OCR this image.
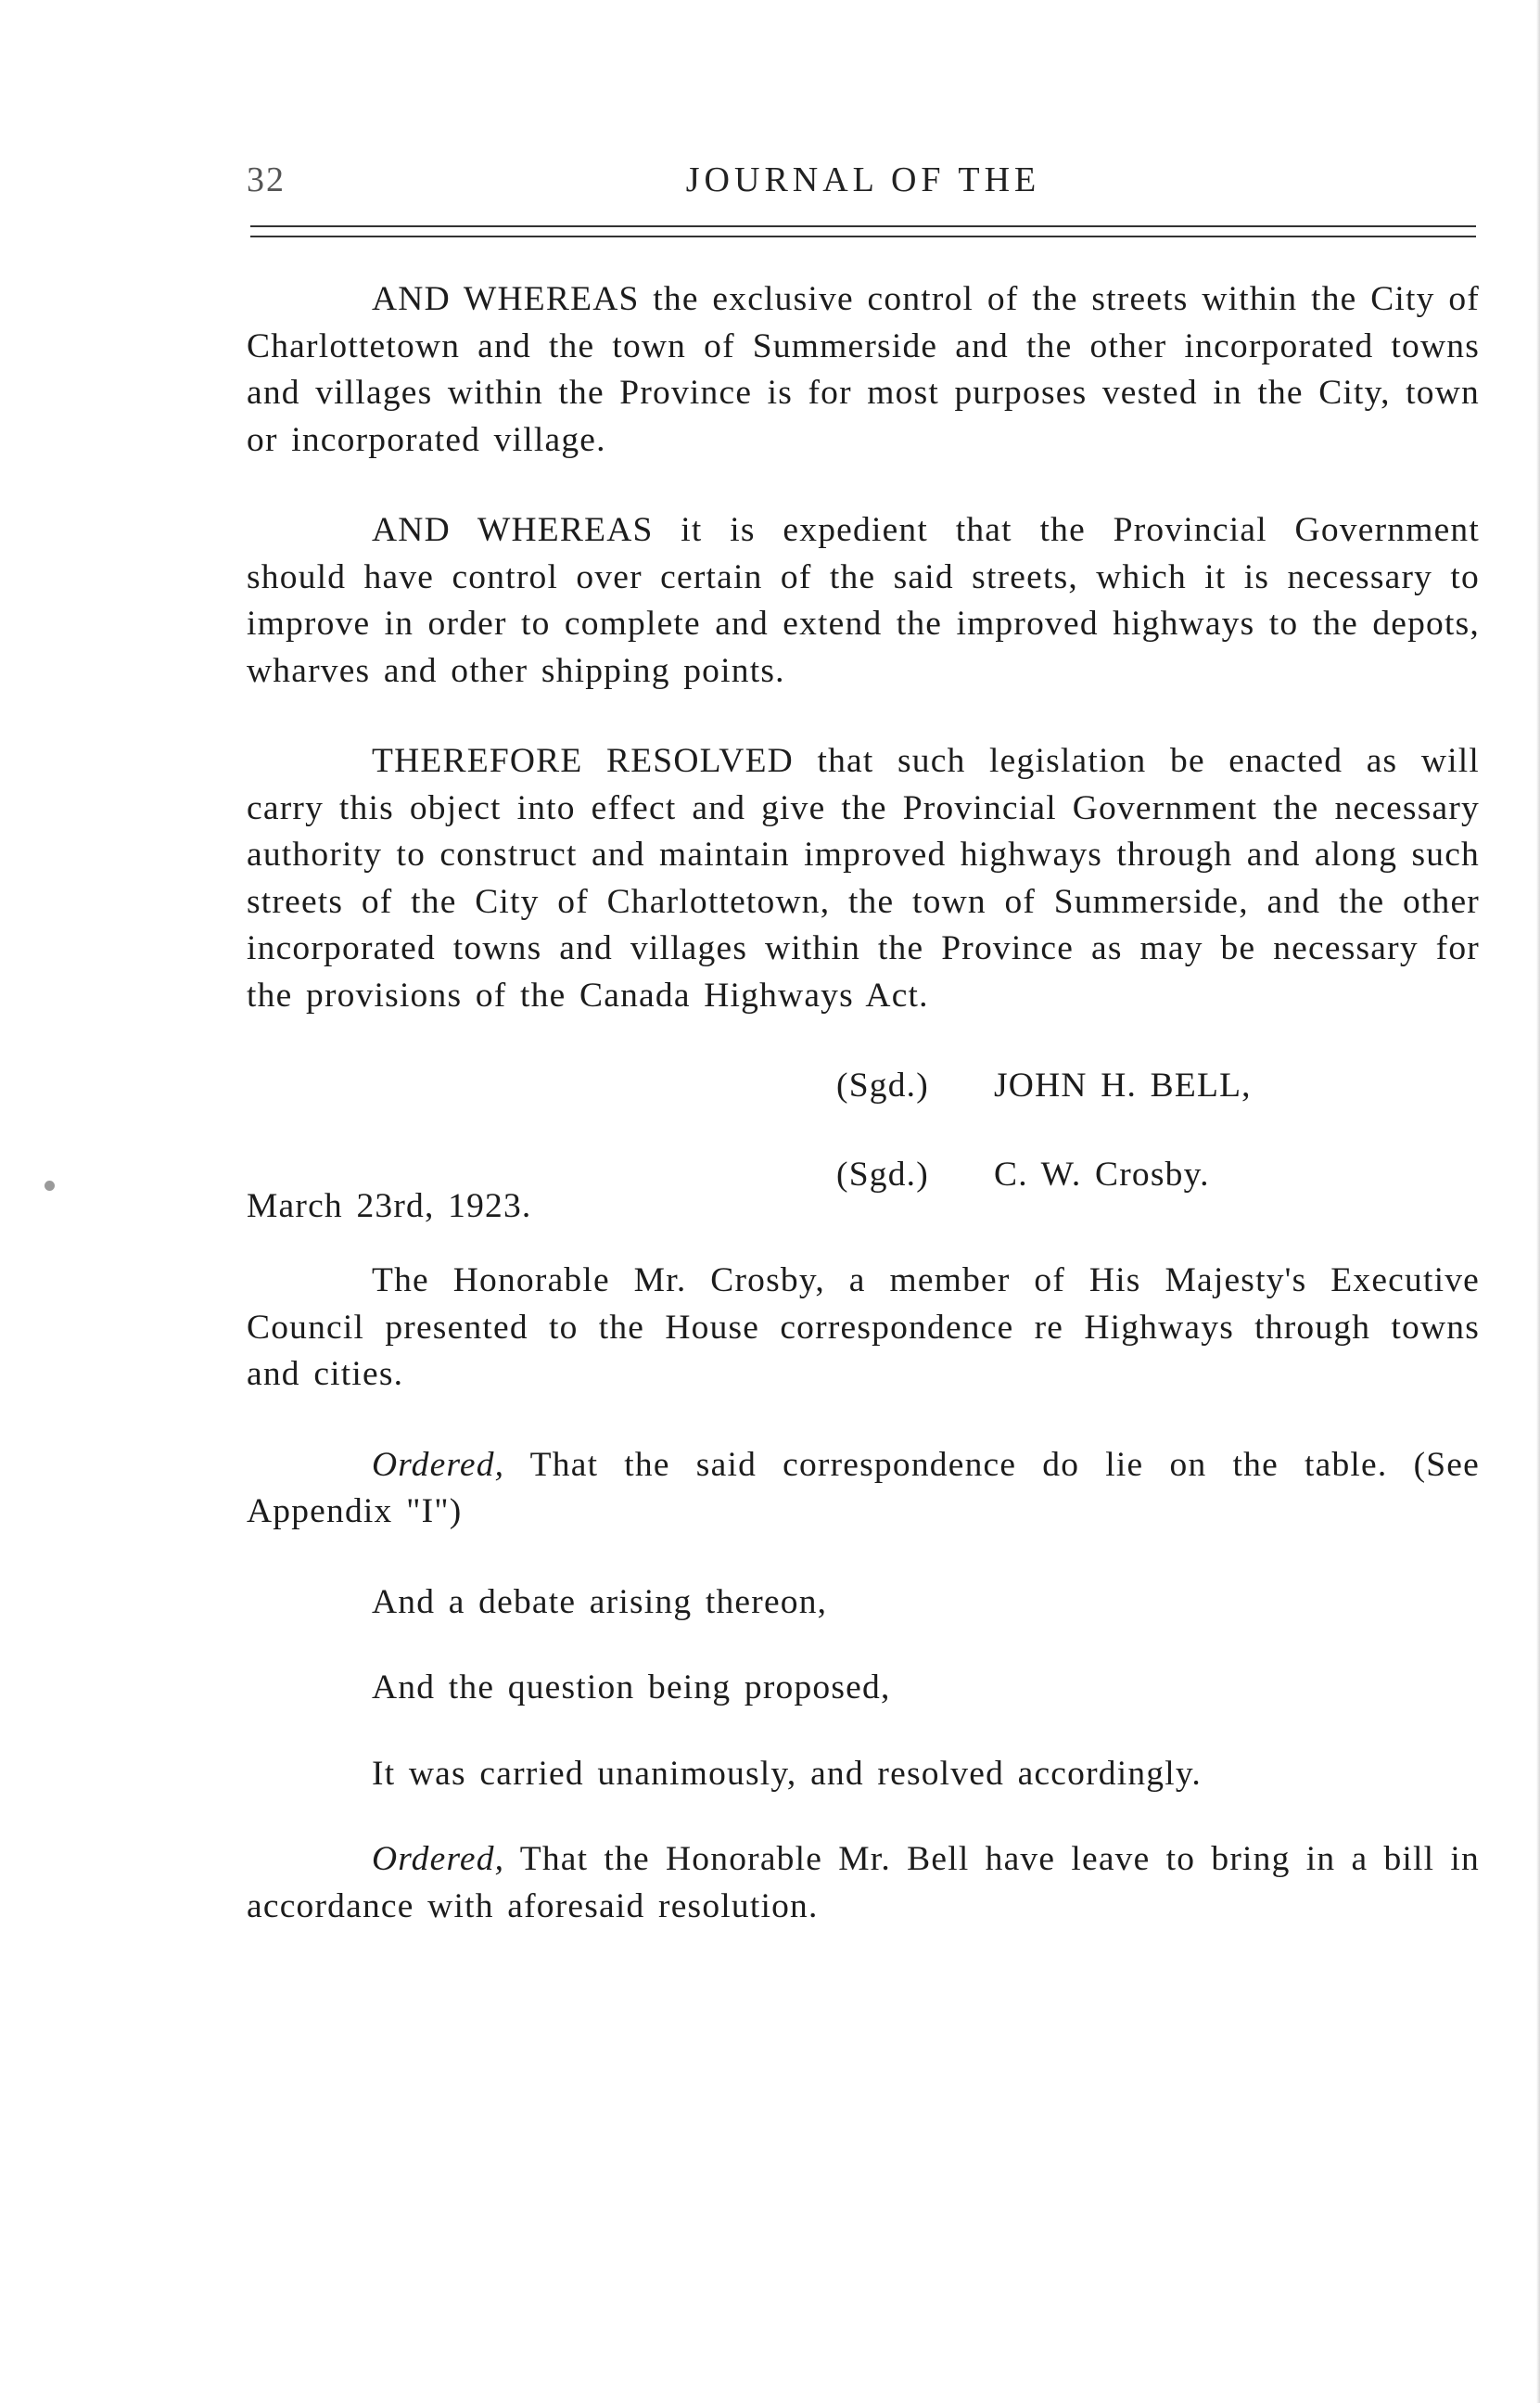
32	JOURNAL OF THE

AND WHEREAS the exclusive control of the streets within the City of Charlottetown and the town of Summerside and the other incorporated towns and villages within the Province is for most purposes vested in the City, town or incorporated village.

AND WHEREAS it is expedient that the Provincial Government should have control over certain of the said streets, which it is necessary to improve in order to complete and extend the improved highways to the depots, wharves and other shipping points.

THEREFORE RESOLVED that such legislation be enacted as will carry this object into effect and give the Provincial Government the necessary authority to construct and maintain improved highways through and along such streets of the City of Charlottetown, the town of Summerside, and the other incorporated towns and villages within the Province as may be necessary for the provisions of the Canada Highways Act.

(Sgd.) JOHN H. BELL,
(Sgd.) C. W. Crosby.
March 23rd, 1923.

The Honorable Mr. Crosby, a member of His Majesty's Executive Council presented to the House correspondence re Highways through towns and cities.

Ordered, That the said correspondence do lie on the table. (See Appendix "I")

And a debate arising thereon,

And the question being proposed,

It was carried unanimously, and resolved accordingly.

Ordered, That the Honorable Mr. Bell have leave to bring in a bill in accordance with aforesaid resolution.
